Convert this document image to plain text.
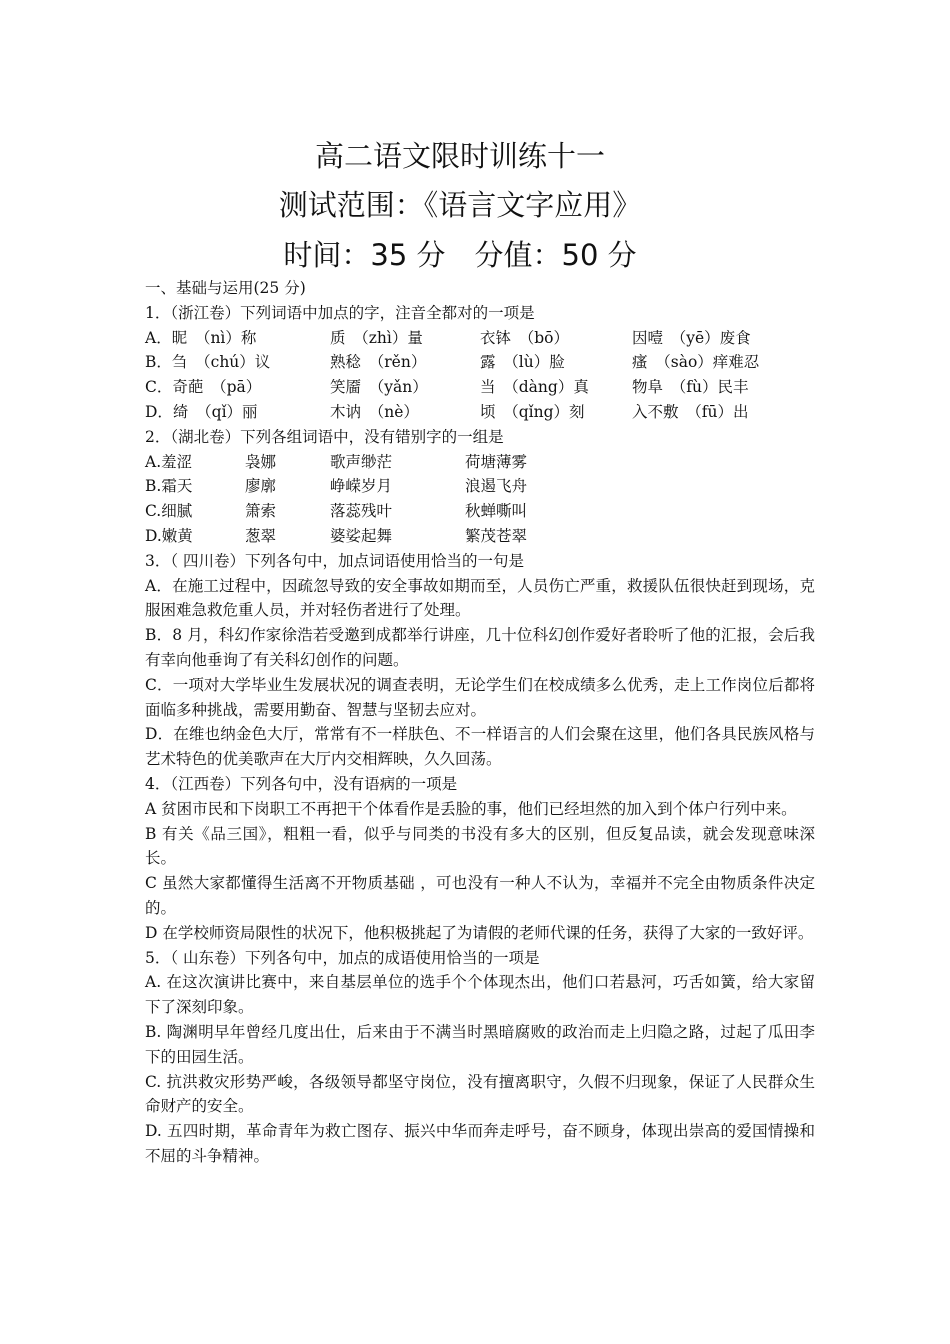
高二语文限时训练十一
测试范围：《语言文字应用》
时间：35 分　分值：50 分
一、基础与运用(25 分)
1．（浙江卷）下列词语中加点的字，注音全都对的一项是
A．昵　（nì）称	质　（zhì）量	衣钵　（bō）	因噎　（yē）废食
B．刍　（chú）议	熟稔　（rěn）	露　（lù）脸	瘙　（sào）痒难忍
C．奇葩　（pā）	笑靥　（yǎn）	当　（dàng）真	物阜　（fù）民丰
D．绮　（qǐ）丽	木讷　（nè）	顷　（qǐng）刻	入不敷　（fū）出
2．（湖北卷）下列各组词语中，没有错别字的一组是
A.羞涩	袅娜	歌声缈茫	荷塘薄雾
B.霜天	廖廓	峥嵘岁月	浪遏飞舟
C.细腻	箫索	落蕊残叶	秋蝉嘶叫
D.嫩黄	葱翠	婆娑起舞	繁茂苍翠
3．（ 四川卷）下列各句中，加点词语使用恰当的一句是
A．在施工过程中，因疏忽导致的安全事故如期而至，人员伤亡严重，救援队伍很快赶到现场，克服困难急救危重人员，并对轻伤者进行了处理。
B．8 月，科幻作家徐浩若受邀到成都举行讲座，几十位科幻创作爱好者聆听了他的汇报，会后我有幸向他垂询了有关科幻创作的问题。
C．一项对大学毕业生发展状况的调查表明，无论学生们在校成绩多么优秀，走上工作岗位后都将面临多种挑战，需要用勤奋、智慧与坚韧去应对。
D．在维也纳金色大厅，常常有不一样肤色、不一样语言的人们会聚在这里，他们各具民族风格与艺术特色的优美歌声在大厅内交相辉映，久久回荡。
4．（江西卷）下列各句中，没有语病的一项是
A 贫困市民和下岗职工不再把干个体看作是丢脸的事，他们已经坦然的加入到个体户行列中来。
B 有关《品三国》，粗粗一看，似乎与同类的书没有多大的区别，但反复品读，就会发现意味深长。
C 虽然大家都懂得生活离不开物质基础 ，可也没有一种人不认为，幸福并不完全由物质条件决定的。
D 在学校师资局限性的状况下，他积极挑起了为请假的老师代课的任务，获得了大家的一致好评。
5．（ 山东卷）下列各句中，加点的成语使用恰当的一项是
A. 在这次演讲比赛中，来自基层单位的选手个个体现杰出，他们口若悬河，巧舌如簧，给大家留下了深刻印象。
B. 陶渊明早年曾经几度出仕，后来由于不满当时黑暗腐败的政治而走上归隐之路，过起了瓜田李下的田园生活。
C. 抗洪救灾形势严峻，各级领导都坚守岗位，没有擅离职守，久假不归现象，保证了人民群众生命财产的安全。
D. 五四时期，革命青年为救亡图存、振兴中华而奔走呼号，奋不顾身，体现出崇高的爱国情操和不屈的斗争精神。
